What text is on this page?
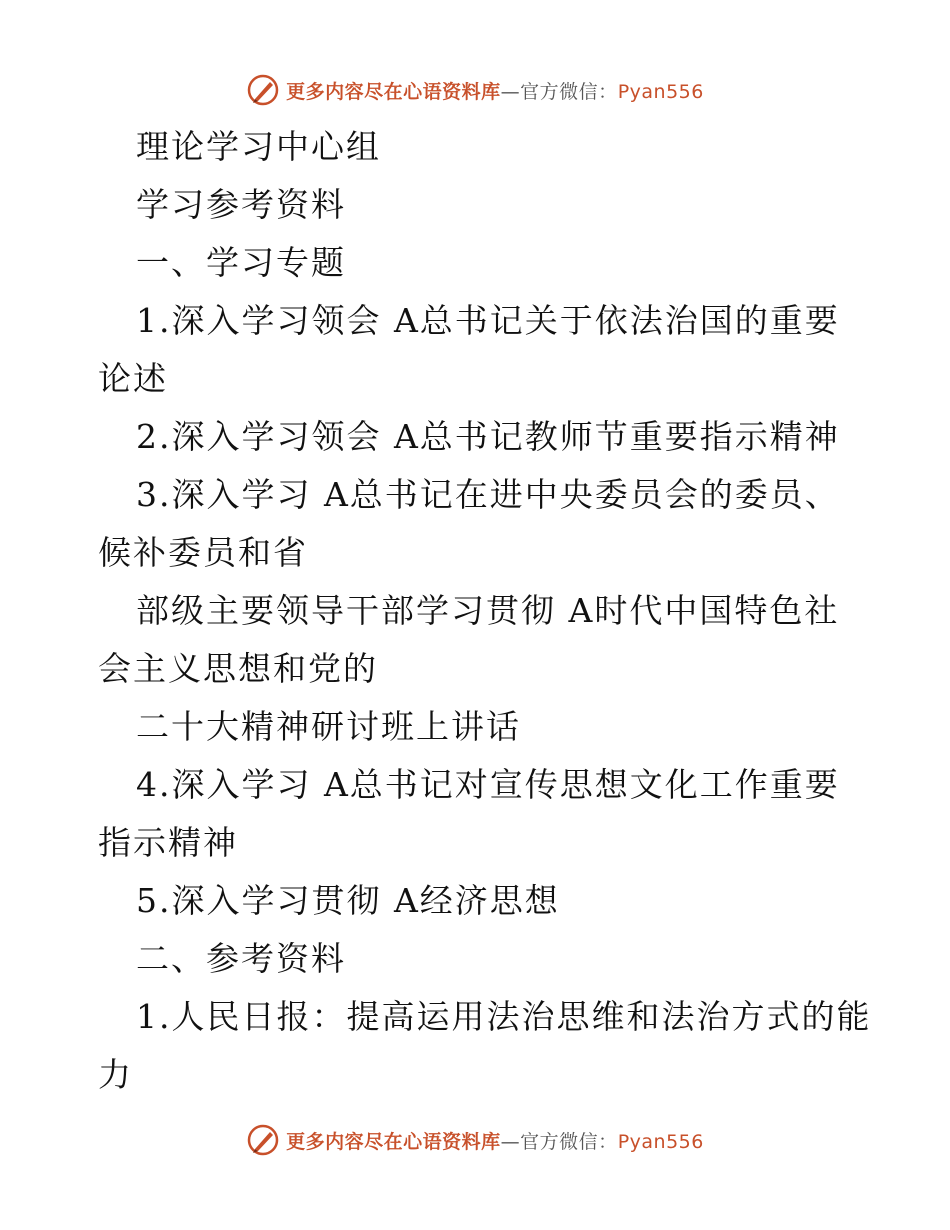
更多内容尽在心语资料库—官方微信：Pyan556
理论学习中心组
学习参考资料
一、学习专题
1.深入学习领会 A总书记关于依法治国的重要
论述
2.深入学习领会 A总书记教师节重要指示精神
3.深入学习 A总书记在进中央委员会的委员、
候补委员和省
部级主要领导干部学习贯彻 A时代中国特色社
会主义思想和党的
二十大精神研讨班上讲话
4.深入学习 A总书记对宣传思想文化工作重要
指示精神
5.深入学习贯彻 A经济思想
二、参考资料
1.人民日报：提高运用法治思维和法治方式的能
力
更多内容尽在心语资料库—官方微信：Pyan556
